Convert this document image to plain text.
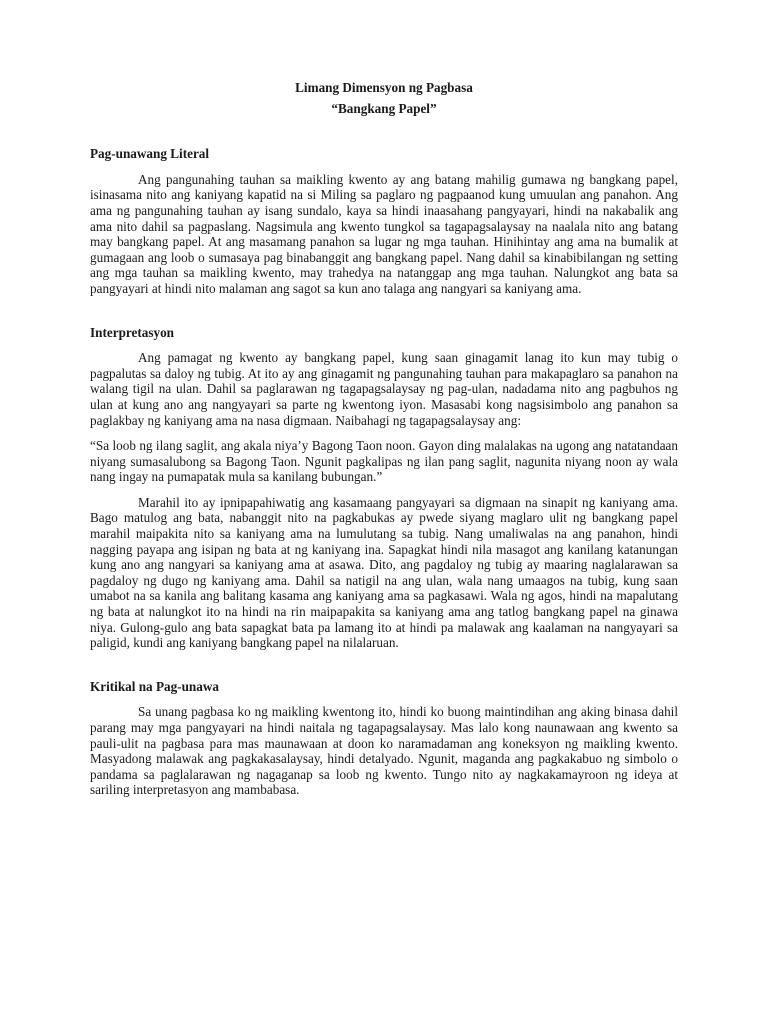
Limang Dimensyon ng Pagbasa

“Bangkang Papel”

Pag-unawang Literal

Ang pangunahing tauhan sa maikling kwento ay ang batang mahilig gumawa ng bangkang papel, isinasama nito ang kaniyang kapatid na si Miling sa paglaro ng pagpaanod kung umuulan ang panahon. Ang ama ng pangunahing tauhan ay isang sundalo, kaya sa hindi inaasahang pangyayari, hindi na nakabalik ang ama nito dahil sa pagpaslang. Nagsimula ang kwento tungkol sa tagapagsalaysay na naalala nito ang batang may bangkang papel. At ang masamang panahon sa lugar ng mga tauhan. Hinihintay ang ama na bumalik at gumagaan ang loob o sumasaya pag binabanggit ang bangkang papel. Nang dahil sa kinabibilangan ng setting ang mga tauhan sa maikling kwento, may trahedya na natanggap ang mga tauhan. Nalungkot ang bata sa pangyayari at hindi nito malaman ang sagot sa kun ano talaga ang nangyari sa kaniyang ama.

Interpretasyon

Ang pamagat ng kwento ay bangkang papel, kung saan ginagamit lanag ito kun may tubig o pagpalutas sa daloy ng tubig. At ito ay ang ginagamit ng pangunahing tauhan para makapaglaro sa panahon na walang tigil na ulan. Dahil sa paglarawan ng tagapagsalaysay ng pag-ulan, nadadama nito ang pagbuhos ng ulan at kung ano ang nangyayari sa parte ng kwentong iyon. Masasabi kong nagsisimbolo ang panahon sa paglakbay ng kaniyang ama na nasa digmaan. Naibahagi ng tagapagsalaysay ang:

“Sa loob ng ilang saglit, ang akala niya’y Bagong Taon noon. Gayon ding malalakas na ugong ang natatandaan niyang sumasalubong sa Bagong Taon. Ngunit pagkalipas ng ilan pang saglit, nagunita niyang noon ay wala nang ingay na pumapatak mula sa kanilang bubungan.”

Marahil ito ay ipnipapahiwatig ang kasamaang pangyayari sa digmaan na sinapit ng kaniyang ama. Bago matulog ang bata, nabanggit nito na pagkabukas ay pwede siyang maglaro ulit ng bangkang papel marahil maipakita nito sa kaniyang ama na lumulutang sa tubig. Nang umaliwalas na ang panahon, hindi nagging payapa ang isipan ng bata at ng kaniyang ina. Sapagkat hindi nila masagot ang kanilang katanungan kung ano ang nangyari sa kaniyang ama at asawa. Dito, ang pagdaloy ng tubig ay maaring naglalarawan sa pagdaloy ng dugo ng kaniyang ama. Dahil sa natigil na ang ulan, wala nang umaagos na tubig, kung saan umabot na sa kanila ang balitang kasama ang kaniyang ama sa pagkasawi. Wala ng agos, hindi na mapalutang ng bata at nalungkot ito na hindi na rin maipapakita sa kaniyang ama ang tatlog bangkang papel na ginawa niya. Gulong-gulo ang bata sapagkat bata pa lamang ito at hindi pa malawak ang kaalaman na nangyayari sa paligid, kundi ang kaniyang bangkang papel na nilalaruan.

Kritikal na Pag-unawa

Sa unang pagbasa ko ng maikling kwentong ito, hindi ko buong maintindihan ang aking binasa dahil parang may mga pangyayari na hindi naitala ng tagapagsalaysay. Mas lalo kong naunawaan ang kwento sa pauli-ulit na pagbasa para mas maunawaan at doon ko naramadaman ang koneksyon ng maikling kwento. Masyadong malawak ang pagkakasalaysay, hindi detalyado. Ngunit, maganda ang pagkakabuo ng simbolo o pandama sa paglalarawan ng nagaganap sa loob ng kwento. Tungo nito ay nagkakamayroon ng ideya at sariling interpretasyon ang mambabasa.
